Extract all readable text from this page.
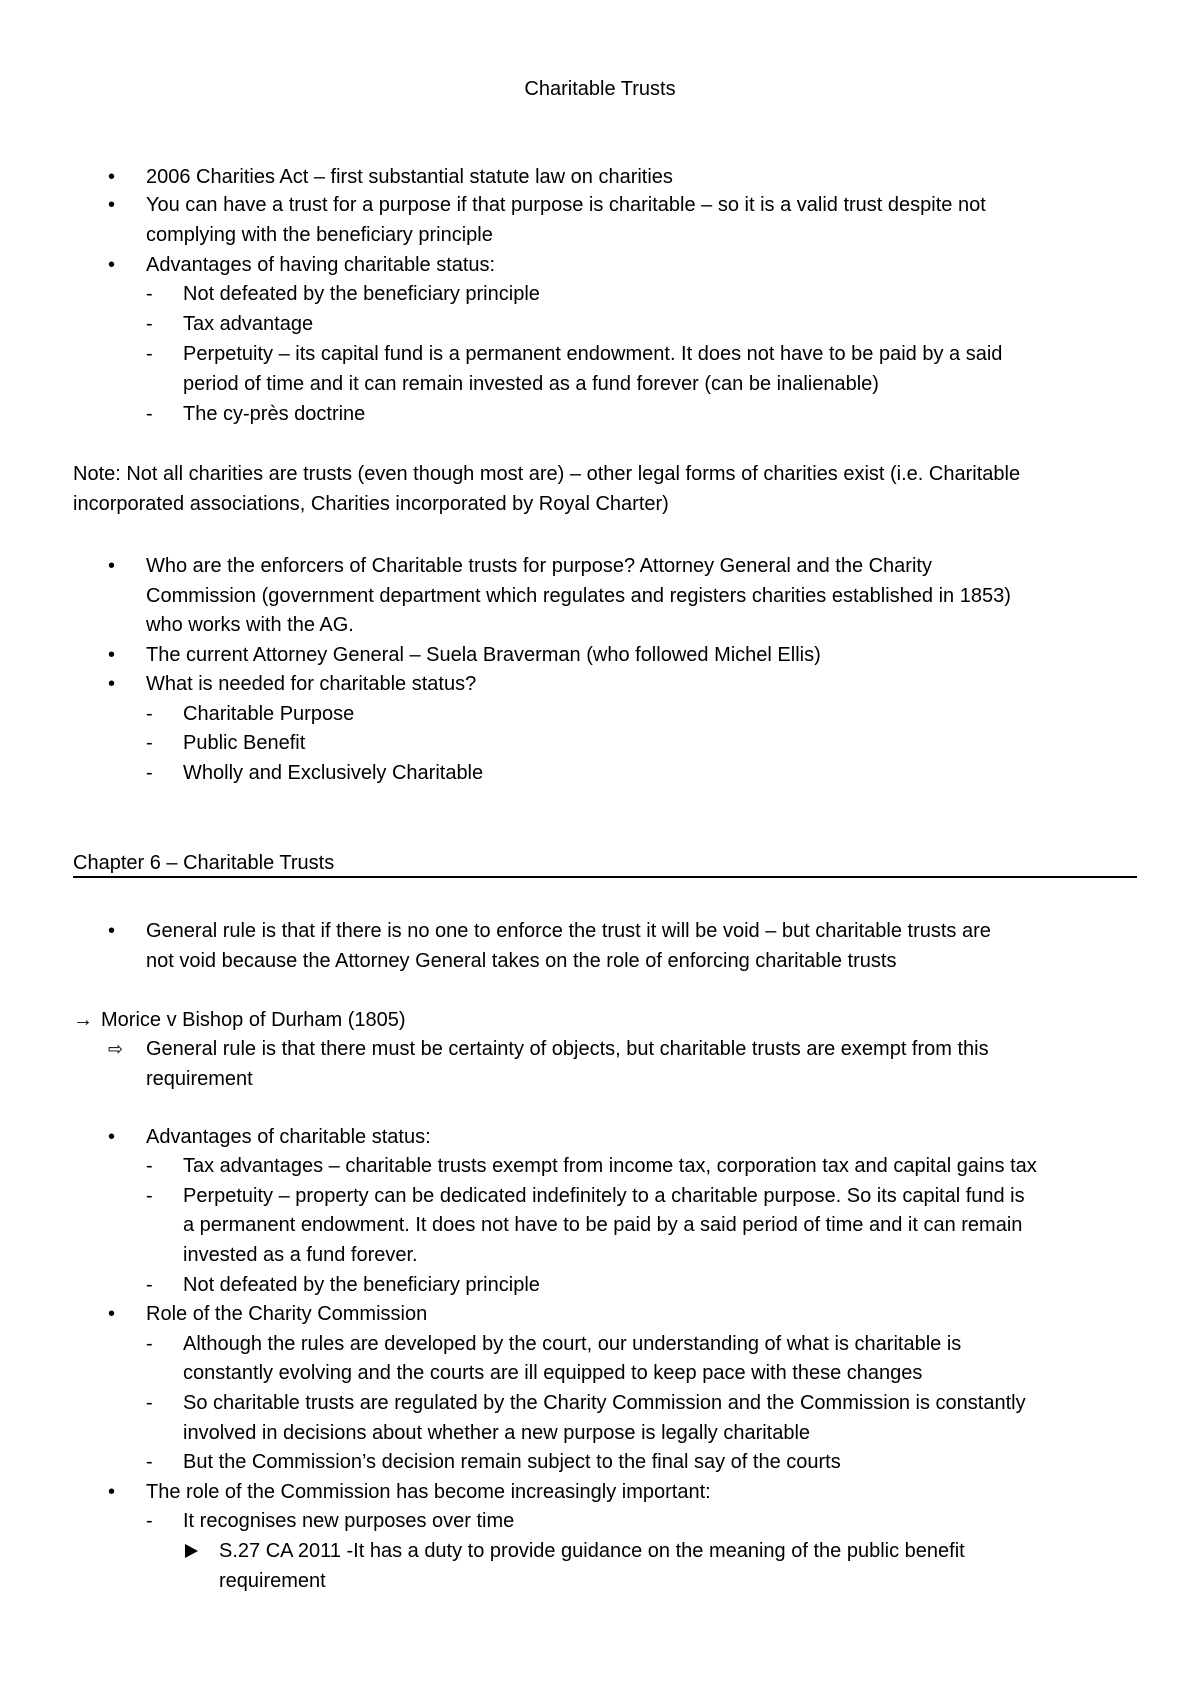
Charitable Trusts
• 2006 Charities Act – first substantial statute law on charities
• You can have a trust for a purpose if that purpose is charitable – so it is a valid trust despite not
complying with the beneficiary principle
• Advantages of having charitable status:
- Not defeated by the beneficiary principle
- Tax advantage
- Perpetuity – its capital fund is a permanent endowment. It does not have to be paid by a said
period of time and it can remain invested as a fund forever (can be inalienable)
- The cy-près doctrine
Note: Not all charities are trusts (even though most are) – other legal forms of charities exist (i.e. Charitable
incorporated associations, Charities incorporated by Royal Charter)
• Who are the enforcers of Charitable trusts for purpose? Attorney General and the Charity
Commission (government department which regulates and registers charities established in 1853)
who works with the AG.
• The current Attorney General – Suela Braverman (who followed Michel Ellis)
• What is needed for charitable status?
- Charitable Purpose
- Public Benefit
- Wholly and Exclusively Charitable
Chapter 6 – Charitable Trusts
• General rule is that if there is no one to enforce the trust it will be void – but charitable trusts are
not void because the Attorney General takes on the role of enforcing charitable trusts
→ Morice v Bishop of Durham (1805)
⇨ General rule is that there must be certainty of objects, but charitable trusts are exempt from this
requirement
• Advantages of charitable status:
- Tax advantages – charitable trusts exempt from income tax, corporation tax and capital gains tax
- Perpetuity – property can be dedicated indefinitely to a charitable purpose. So its capital fund is
a permanent endowment. It does not have to be paid by a said period of time and it can remain
invested as a fund forever.
- Not defeated by the beneficiary principle
• Role of the Charity Commission
- Although the rules are developed by the court, our understanding of what is charitable is
constantly evolving and the courts are ill equipped to keep pace with these changes
- So charitable trusts are regulated by the Charity Commission and the Commission is constantly
involved in decisions about whether a new purpose is legally charitable
- But the Commission’s decision remain subject to the final say of the courts
• The role of the Commission has become increasingly important:
- It recognises new purposes over time
S.27 CA 2011 -It has a duty to provide guidance on the meaning of the public benefit
requirement
